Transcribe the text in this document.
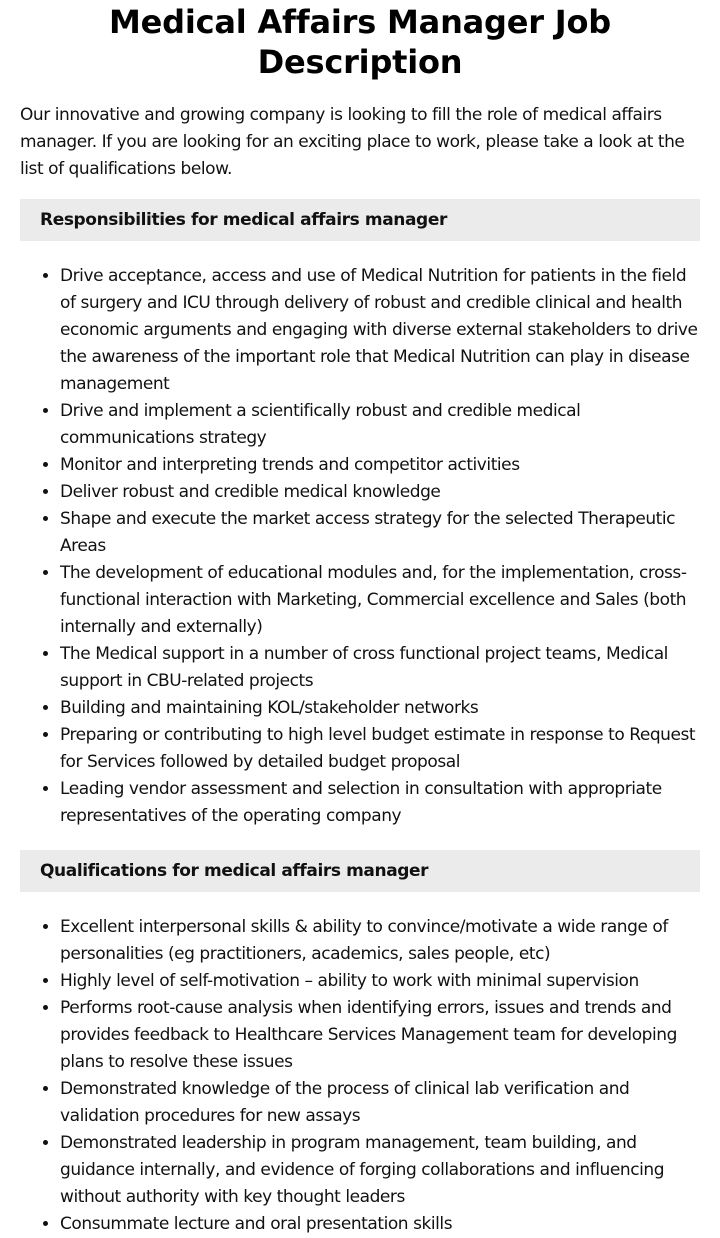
Medical Affairs Manager Job Description

Our innovative and growing company is looking to fill the role of medical affairs manager. If you are looking for an exciting place to work, please take a look at the list of qualifications below.

Responsibilities for medical affairs manager
• Drive acceptance, access and use of Medical Nutrition for patients in the field of surgery and ICU through delivery of robust and credible clinical and health economic arguments and engaging with diverse external stakeholders to drive the awareness of the important role that Medical Nutrition can play in disease management
• Drive and implement a scientifically robust and credible medical communications strategy
• Monitor and interpreting trends and competitor activities
• Deliver robust and credible medical knowledge
• Shape and execute the market access strategy for the selected Therapeutic Areas
• The development of educational modules and, for the implementation, cross-functional interaction with Marketing, Commercial excellence and Sales (both internally and externally)
• The Medical support in a number of cross functional project teams, Medical support in CBU-related projects
• Building and maintaining KOL/stakeholder networks
• Preparing or contributing to high level budget estimate in response to Request for Services followed by detailed budget proposal
• Leading vendor assessment and selection in consultation with appropriate representatives of the operating company
Qualifications for medical affairs manager
• Excellent interpersonal skills & ability to convince/motivate a wide range of personalities (eg practitioners, academics, sales people, etc)
• Highly level of self-motivation – ability to work with minimal supervision
• Performs root-cause analysis when identifying errors, issues and trends and provides feedback to Healthcare Services Management team for developing plans to resolve these issues
• Demonstrated knowledge of the process of clinical lab verification and validation procedures for new assays
• Demonstrated leadership in program management, team building, and guidance internally, and evidence of forging collaborations and influencing without authority with key thought leaders
• Consummate lecture and oral presentation skills
